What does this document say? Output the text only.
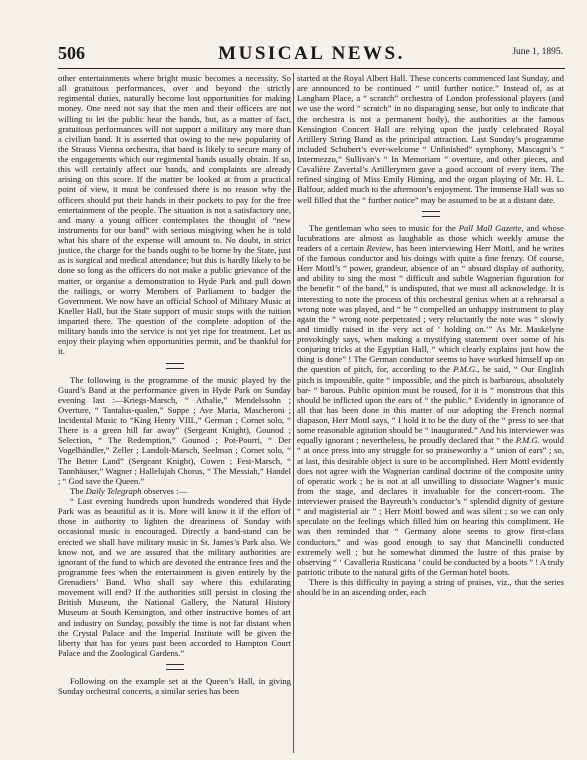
506	MUSICAL NEWS.	June 1, 1895.

other entertainments where bright music becomes a necessity. So all gratuitous performances, over and beyond the strictly regimental duties, naturally become lost opportunities for making money. One need not say that the men and their officers are not willing to let the public hear the bands, but, as a matter of fact, gratuitous performances will not support a military any more than a civilian band. It is asserted that owing to the new popularity of the Strauss Vienna orchestra, that band is likely to secure many of the engagements which our regimental bands usually obtain. If so, this will certainly affect our bands, and complaints are already arising on this score. If the matter be looked at from a practical point of view, it must be confessed there is no reason why the officers should put their hands in their pockets to pay for the free entertainment of the people. The situation is not a satisfactory one, and many a young officer contemplates the thought of “new instruments for our band” with serious misgiving when he is told what his share of the expense will amount to. No doubt, in strict justice, the charge for the bands ought to be borne by the State, just as is surgical and medical attendance; but this is hardly likely to be done so long as the officers do not make a public grievance of the matter, or organise a demonstration to Hyde Park and pull down the railings, or worry Members of Parliament to badger the Government. We now have an official School of Military Music at Kneller Hall, but the State support of music stops with the tuition imparted there. The question of the complete adoption of the military bands into the service is not yet ripe for treatment. Let us enjoy their playing when opportunities permit, and be thankful for it.

The following is the programme of the music played by the Guard’s Band at the performance given in Hyde Park on Sunday evening last :—Kriegs-Marsch, “ Athalie,” Mendelssohn ; Overture, “ Tantalus-qualen,” Suppe ; Ave Maria, Mascheroni ; Incidental Music to “King Henry VIII.,” German ; Cornet solo, “ There is a green hill far away” (Sergeant Knight), Gounod ; Selection, “ The Redemption,” Gounod ; Pot-Pourri, “ Der Vogelhändler,” Zeller ; Landolt-Marsch, Seelman ; Cornet solo, “ The Better Land” (Sergeant Knight), Cowen ; Fest-Marsch, “ Tannhäuser,” Wagner ; Hallelujah Chorus, “ The Messiah,” Handel ; “ God save the Queen.”

The Daily Telegraph observes :—

“ Last evening hundreds upon hundreds wondered that Hyde Park was as beautiful as it is. More will know it if the effort of those in authority to lighten the dreariness of Sunday with occasional music is encouraged. Directly a band-stand can be erected we shall have military music in St. James’s Park also. We know not, and we are assured that the military authorities are ignorant of the fund to which are devoted the entrance fees and the programme fees when the entertainment is given entirely by the Grenadiers’ Band. Who shall say where this exhilarating movement will end? If the authorities still persist in closing the British Museum, the National Gallery, the Natural History Museum at South Kensington, and other instructive homes of art and industry on Sunday, possibly the time is not far distant when the Crystal Palace and the Imperial Institute will be given the liberty that has for years past been accorded to Hampton Court Palace and the Zoological Gardens.”

Following on the example set at the Queen’s Hall, in giving Sunday orchestral concerts, a similar series has been

started at the Royal Albert Hall. These concerts commenced last Sunday, and are announced to be continued “ until further notice.” Instead of, as at Langham Place, a “ scratch” orchestra of London professional players (and we use the word “ scratch” in no disparaging sense, but only to indicate that the orchestra is not a permanent body), the authorities at the famous Kensington Concert Hall are relying upon the justly celebrated Royal Artillery String Band as the principal attraction. Last Sunday’s programme included Schubert’s ever-welcome “ Unfinished” symphony, Mascagni’s “ Intermezzo,” Sullivan’s “ In Memoriam ” overture, and other pieces, and Cavalière Zavertal’s Artillerymen gave a good account of every item. The refined singing of Miss Emily Himing, and the organ playing of Mr. H. L. Balfour, added much to the afternoon’s enjoyment. The immense Hall was so well filled that the “ further notice” may be assumed to be at a distant date.

The gentleman who sees to music for the Pall Mall Gazette, and whose lucubrations are almost as laughable as those which weekly amuse the readers of a certain Review, has been interviewing Herr Mottl, and he writes of the famous conductor and his doings with quite a fine frenzy. Of course, Herr Mottl’s “ power, grandeur, absence of an “ absurd display of authority, and ability to sing the most “ difficult and subtle Wagnerian figuration for the benefit “ of the band,” is undisputed, that we must all acknowledge. It is interesting to note the process of this orchestral genius when at a rehearsal a wrong note was played, and “ he “ compelled an unhappy instrument to play again the “ wrong note perpetrated ; very reluctantly the note was “ slowly and timidly raised in the very act of ‘ holding on.’” As Mr. Maskelyne provokingly says, when making a mystifying statement over some of his conjuring tricks at the Egyptian Hall, “ which clearly explains just how the thing is done” ! The German conductor seems to have worked himself up on the question of pitch, for, according to the P.M.G., he said, “ Our English pitch is impossible, quite “ impossible, and the pitch is barbarous, absolutely bar- “ barous. Public opinion must be roused, for it is “ monstrous that this should be inflicted upon the ears of “ the public.” Evidently in ignorance of all that has been done in this matter of our adopting the French normal diapason, Herr Mottl says, “ I hold it to be the duty of the “ press to see that some reasonable agitation should be “ inaugurated.” And his interviewer was equally ignorant ; nevertheless, he proudly declared that “ the P.M.G. would “ at once press into any struggle for so praiseworthy a “ union of ears” ; so, at last, this desirable object is sure to be accomplished. Herr Mottl evidently does not agree with the Wagnerian cardinal doctrine of the composite unity of operatic work ; he is not at all unwilling to dissociate Wagner’s music from the stage, and declares it invaluable for the concert-room. The interviewer praised the Bayreuth’s conductor’s “ splendid dignity of gesture “ and magisterial air ” ; Herr Mottl bowed and was silent ; so we can only speculate on the feelings which filled him on hearing this compliment. He was then reminded that “ Germany alone seems to grow first-class conductors,” and was good enough to say that Mancinelli conducted extremely well ; but he somewhat dimmed the lustre of this praise by observing “ ‘ Cavalleria Rusticana ’ could be conducted by a boots ” ! A truly patriotic tribute to the natural gifts of the German hotel boots.

There is this difficulty in paying a string of praises, viz., that the series should be in an ascending order, each
